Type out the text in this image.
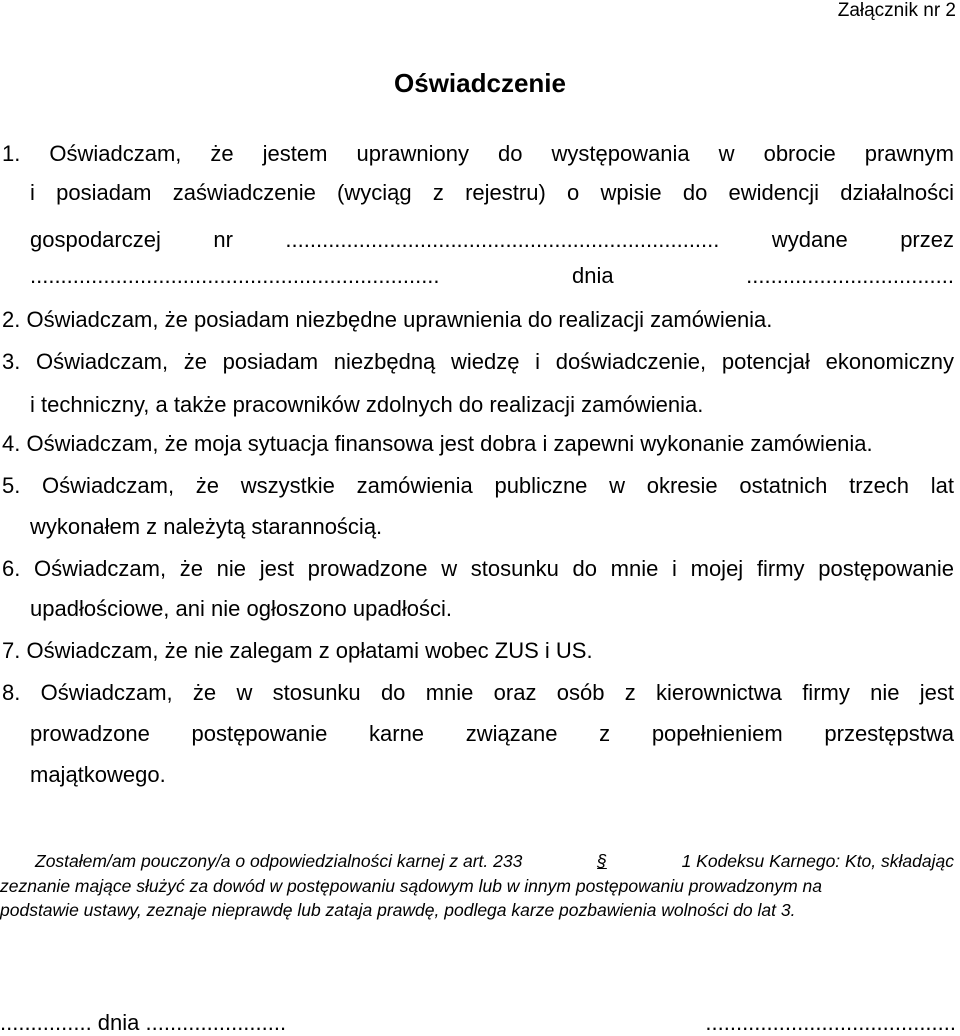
Załącznik nr 2
Oświadczenie
1. Oświadczam, że jestem uprawniony do występowania w obrocie prawnym
i posiadam zaświadczenie (wyciąg z rejestru) o wpisie do ewidencji działalności
gospodarczej nr ....................................................................... wydane przez
................................................................... dnia ..................................
2. Oświadczam, że posiadam niezbędne uprawnienia do realizacji zamówienia.
3. Oświadczam, że posiadam niezbędną wiedzę i doświadczenie, potencjał ekonomiczny
i techniczny, a także pracowników zdolnych do realizacji zamówienia.
4. Oświadczam, że moja sytuacja finansowa jest dobra i zapewni wykonanie zamówienia.
5. Oświadczam, że wszystkie zamówienia publiczne w okresie ostatnich trzech lat
wykonałem z należytą starannością.
6. Oświadczam, że nie jest prowadzone w stosunku do mnie i mojej firmy postępowanie
upadłościowe, ani nie ogłoszono upadłości.
7. Oświadczam, że nie zalegam z opłatami wobec ZUS i US.
8. Oświadczam, że w stosunku do mnie oraz osób z kierownictwa firmy nie jest
prowadzone postępowanie karne związane z popełnieniem przestępstwa
majątkowego.
Zostałem/am pouczony/a o odpowiedzialności karnej z art. 233	§	1 Kodeksu Karnego: Kto, składając
zeznanie mające służyć za dowód w postępowaniu sądowym lub w innym postępowaniu prowadzonym na
podstawie ustawy, zeznaje nieprawdę lub zataja prawdę, podlega karze pozbawienia wolności do lat 3.
............... dnia .......................	.........................................
